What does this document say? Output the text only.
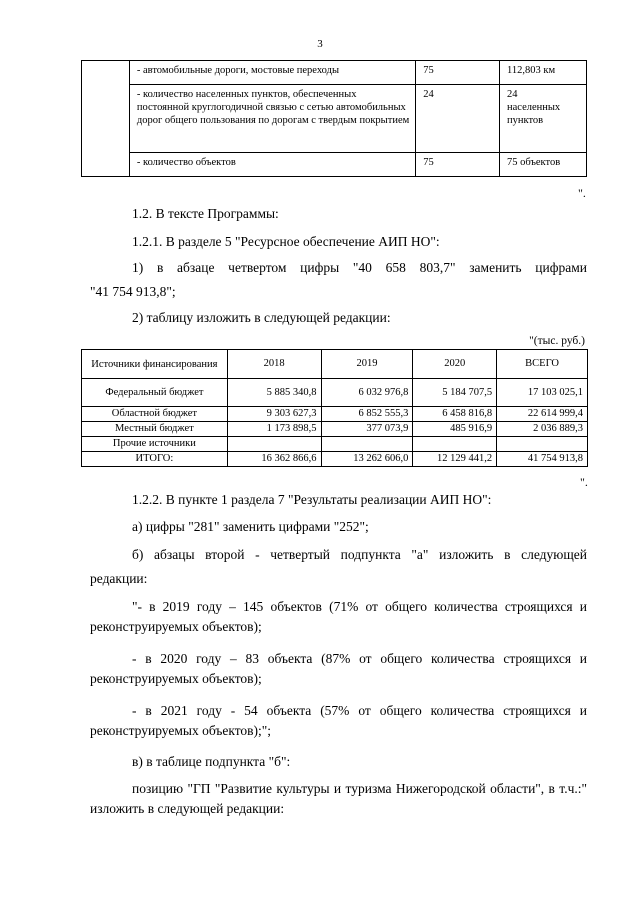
3
	- автомобильные дороги, мостовые переходы	75	112,803 км
	- количество населенных пунктов, обеспеченных постоянной круглогодичной связью с сетью автомобильных дорог общего пользования по дорогам с твердым покрытием	24	24 населенных пунктов
	- количество объектов	75	75 объектов
".
1.2. В тексте Программы:
1.2.1. В разделе 5 "Ресурсное обеспечение АИП НО":
1) в абзаце четвертом цифры "40 658 803,7" заменить цифрами
"41 754 913,8";
2) таблицу изложить в следующей редакции:
"(тыс. руб.)
Источники финансирования	2018	2019	2020	ВСЕГО
Федеральный бюджет	5 885 340,8	6 032 976,8	5 184 707,5	17 103 025,1
Областной бюджет	9 303 627,3	6 852 555,3	6 458 816,8	22 614 999,4
Местный бюджет	1 173 898,5	377 073,9	485 916,9	2 036 889,3
Прочие источники				
ИТОГО:	16 362 866,6	13 262 606,0	12 129 441,2	41 754 913,8
".
1.2.2. В пункте 1 раздела 7 "Результаты реализации АИП НО":
а) цифры "281" заменить цифрами "252";
б) абзацы второй - четвертый подпункта "а" изложить в следующей
редакции:
"- в 2019 году – 145 объектов (71% от общего количества строящихся и реконструируемых объектов);
- в 2020 году – 83 объекта (87% от общего количества строящихся и реконструируемых объектов);
- в 2021 году - 54 объекта (57% от общего количества строящихся и реконструируемых объектов);";
в) в таблице подпункта "б":
позицию "ГП "Развитие культуры и туризма Нижегородской области", в т.ч.:" изложить в следующей редакции:
